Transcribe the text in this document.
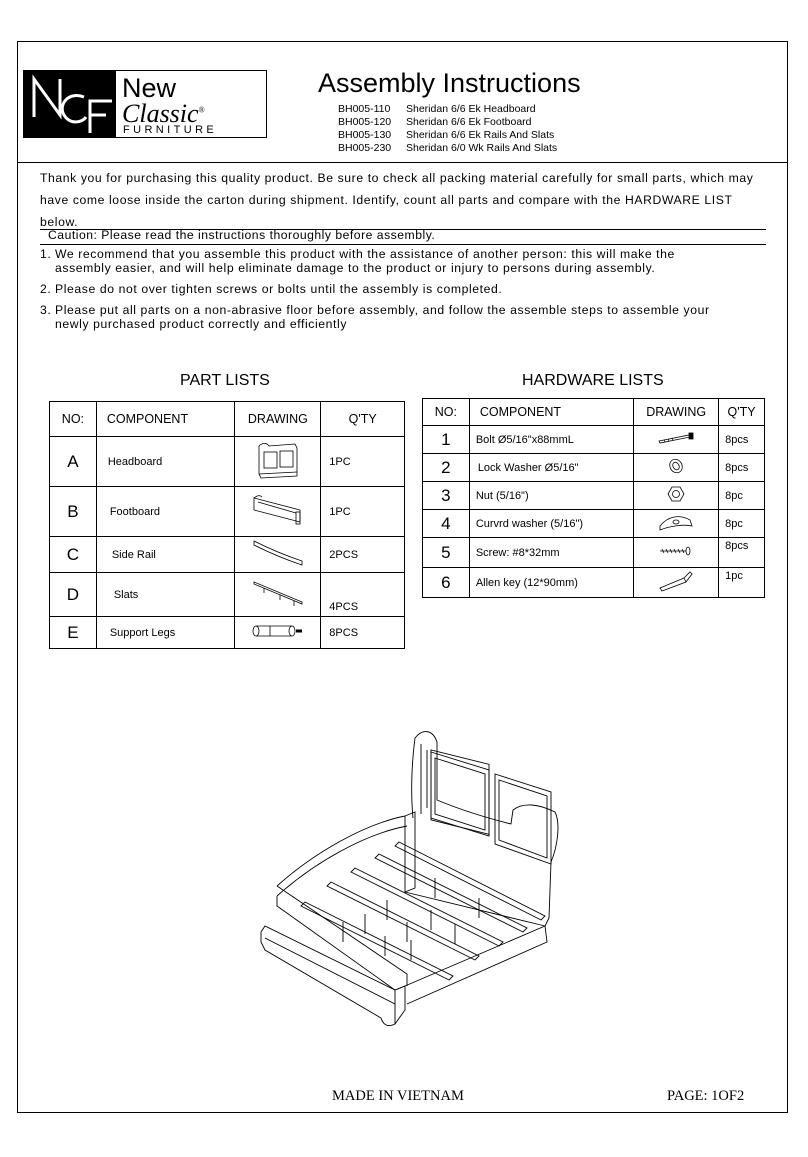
New
Classic®
FURNITURE
Assembly Instructions
BH005-110	Sheridan 6/6 Ek Headboard
BH005-120	Sheridan 6/6 Ek Footboard
BH005-130	Sheridan 6/6 Ek Rails And Slats
BH005-230	Sheridan 6/0 Wk Rails And Slats
Thank you for purchasing this quality product. Be sure to check all packing material carefully for small parts, which may have come loose inside the carton during shipment. Identify, count all parts and compare with the HARDWARE LIST below.
Caution: Please read the instructions thoroughly before assembly.
1. We recommend that you assemble this product with the assistance of another person: this will make the
assembly easier, and will help eliminate damage to the product or injury to persons during assembly.
2. Please do not over tighten screws or bolts until the assembly is completed.
3. Please put all parts on a non-abrasive floor before assembly, and follow the assemble steps to assemble your
newly purchased product correctly and efficiently
PART LISTS	HARDWARE LISTS
NO:	COMPONENT	DRAWING	Q'TY
A	Headboard		1PC
B	Footboard		1PC
C	Side Rail		2PCS
D	Slats		4PCS
E	Support Legs		8PCS
NO:	COMPONENT	DRAWING	Q'TY
1	Bolt Ø5/16"x88mmL		8pcs
2	Lock Washer Ø5/16"		8pcs
3	Nut (5/16")		8pc
4	Curvrd washer (5/16")		8pc
5	Screw: #8*32mm		8pcs
6	Allen key (12*90mm)		1pc
MADE IN VIETNAM	PAGE: 1OF2
